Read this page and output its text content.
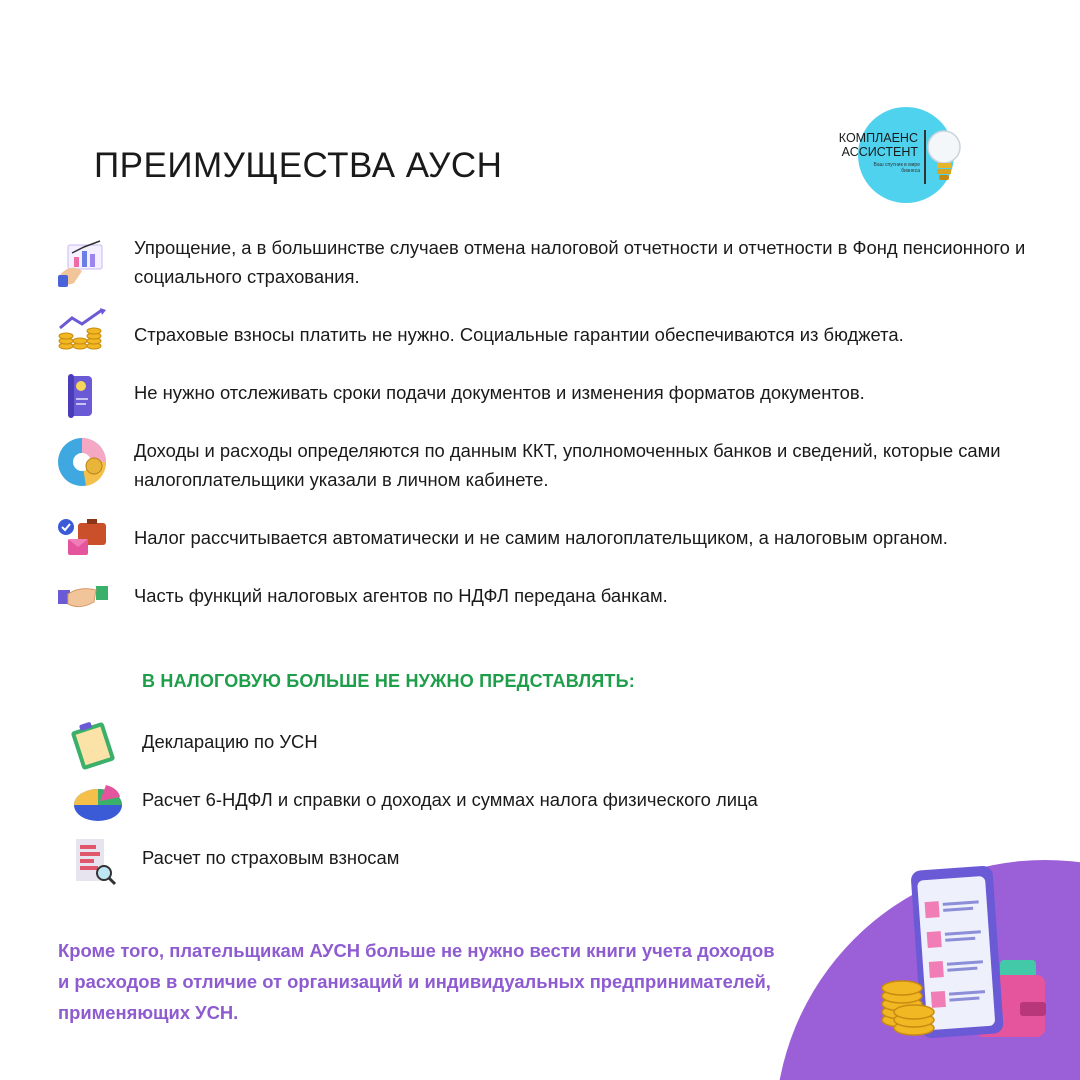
КОМПЛАЕНС
АССИСТЕНТ
Ваш спутник в мире бизнеса
ПРЕИМУЩЕСТВА АУСН

Упрощение, а в большинстве случаев отмена налоговой отчетности и отчетности в Фонд пенсионного и социального страхования.

Страховые взносы платить не нужно. Социальные гарантии обеспечиваются из бюджета.

Не нужно отслеживать сроки подачи документов и изменения форматов документов.

Доходы и расходы определяются по данным ККТ, уполномоченных банков и сведений, которые сами налогоплательщики указали в личном кабинете.

Налог рассчитывается автоматически и не самим налогоплательщиком, а налоговым органом.

Часть функций налоговых агентов по НДФЛ передана банкам.

В НАЛОГОВУЮ БОЛЬШЕ НЕ НУЖНО ПРЕДСТАВЛЯТЬ:

Декларацию по УСН

Расчет 6-НДФЛ и справки о доходах и суммах налога физического лица

Расчет по страховым взносам

Кроме того, плательщикам АУСН больше не нужно вести книги учета доходов и расходов в отличие от организаций и индивидуальных предпринимателей, применяющих УСН.
